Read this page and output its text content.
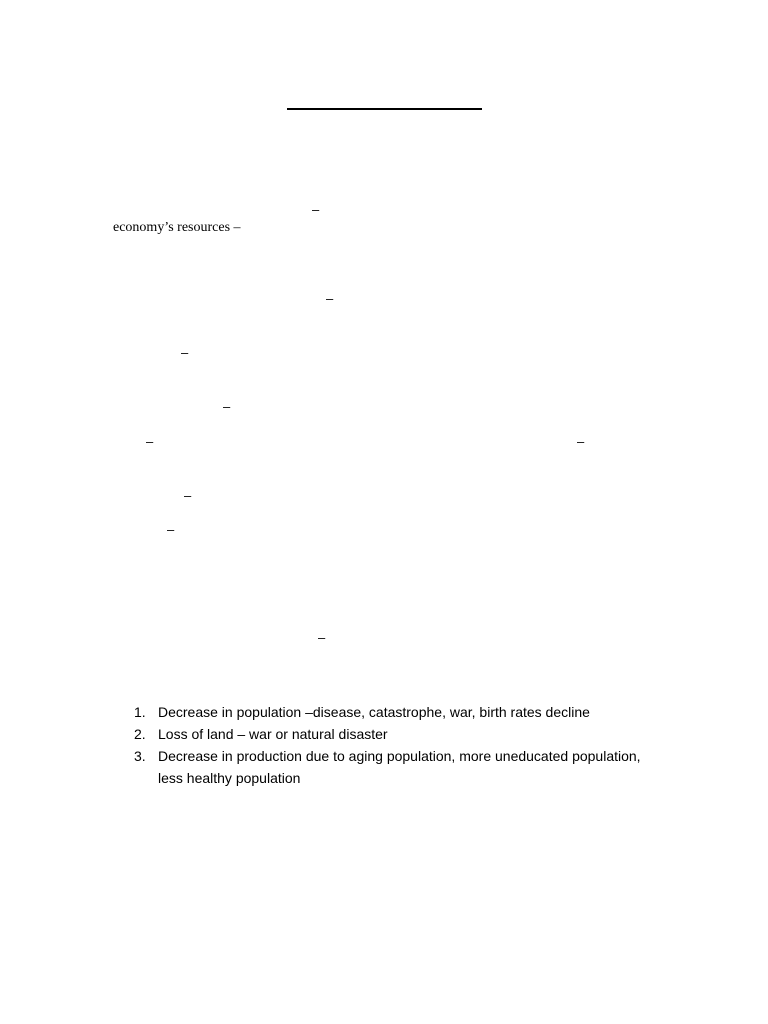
–
economy’s resources –
–
–
–
–	–
–
–
–
1. Decrease in population –disease, catastrophe, war, birth rates decline
2. Loss of land – war or natural disaster
3. Decrease in production due to aging population, more uneducated population, less healthy population
